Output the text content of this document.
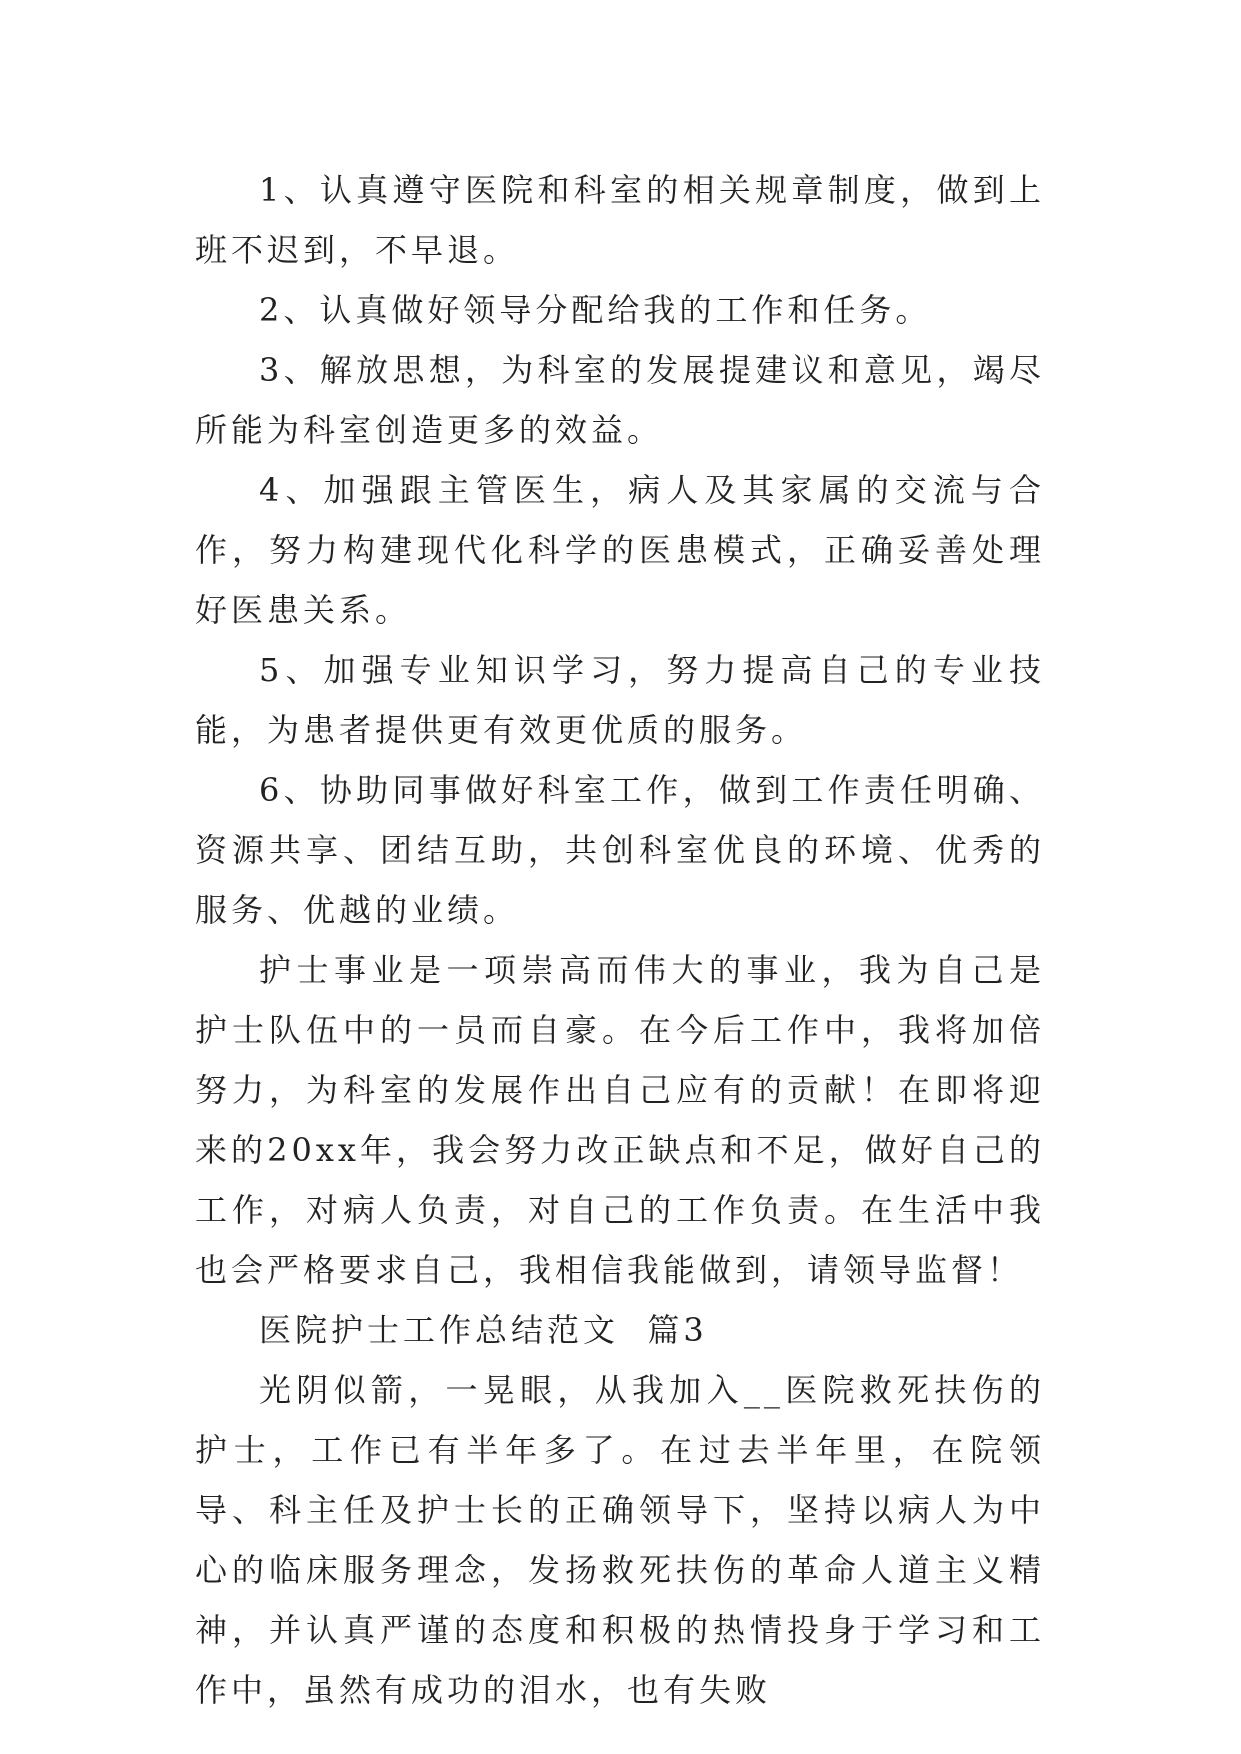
1、认真遵守医院和科室的相关规章制度，做到上班不迟到，不早退。

2、认真做好领导分配给我的工作和任务。

3、解放思想，为科室的发展提建议和意见，竭尽所能为科室创造更多的效益。

4、加强跟主管医生，病人及其家属的交流与合作，努力构建现代化科学的医患模式，正确妥善处理好医患关系。

5、加强专业知识学习，努力提高自己的专业技能，为患者提供更有效更优质的服务。

6、协助同事做好科室工作，做到工作责任明确、资源共享、团结互助，共创科室优良的环境、优秀的服务、优越的业绩。

护士事业是一项崇高而伟大的事业，我为自己是护士队伍中的一员而自豪。在今后工作中，我将加倍努力，为科室的发展作出自己应有的贡献！在即将迎来的20xx年，我会努力改正缺点和不足，做好自己的工作，对病人负责，对自己的工作负责。在生活中我也会严格要求自己，我相信我能做到，请领导监督！

医院护士工作总结范文  篇3

光阴似箭，一晃眼，从我加入__医院救死扶伤的护士，工作已有半年多了。在过去半年里，在院领导、科主任及护士长的正确领导下，坚持以病人为中心的临床服务理念，发扬救死扶伤的革命人道主义精神，并认真严谨的态度和积极的热情投身于学习和工作中，虽然有成功的泪水，也有失败
